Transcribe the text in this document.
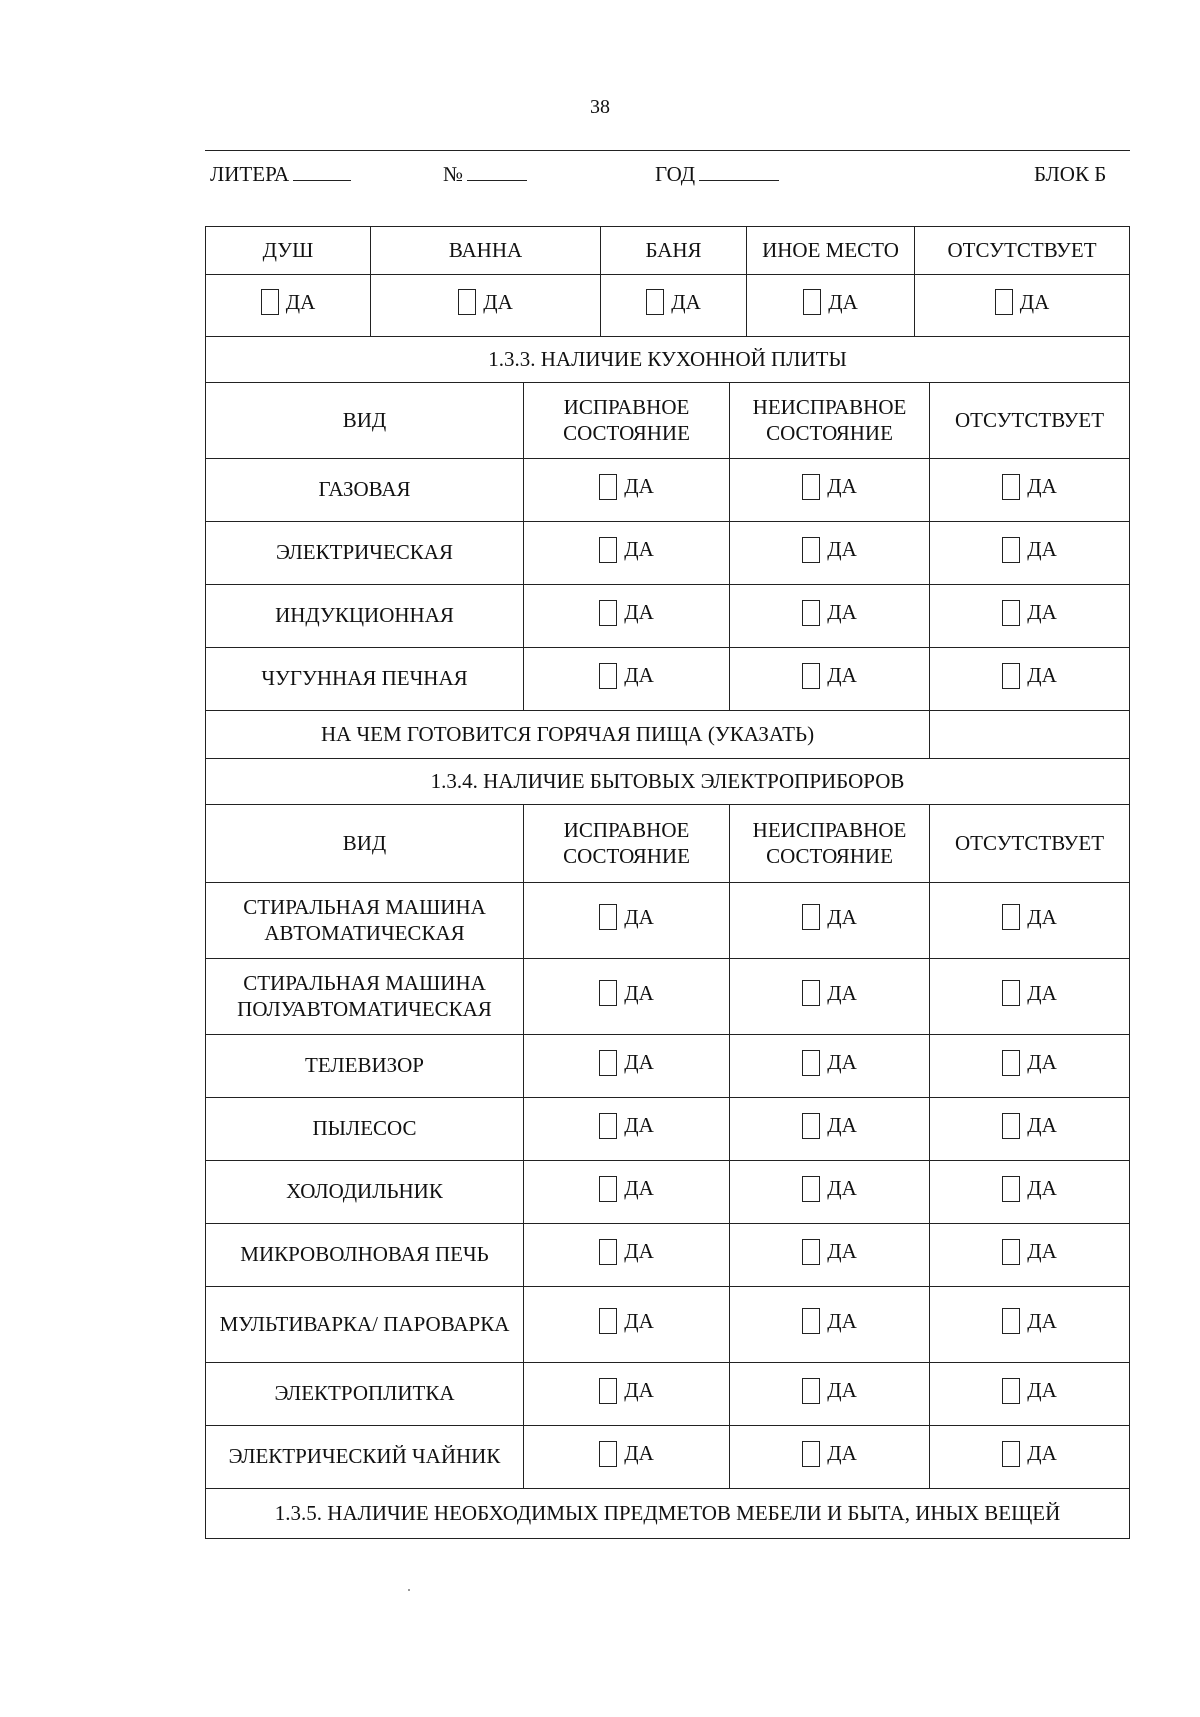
38
ЛИТЕРА	№	ГОД	БЛОК Б
ДУШ	ВАННА	БАНЯ	ИНОЕ МЕСТО	ОТСУТСТВУЕТ

ДА	ДА	ДА	ДА	ДА
1.3.3. НАЛИЧИЕ КУХОННОЙ ПЛИТЫ			
ВИД	ИСПРАВНОЕ СОСТОЯНИЕ	НЕИСПРАВНОЕ СОСТОЯНИЕ	ОТСУТСТВУЕТ
ГАЗОВАЯ	ДА	ДА	ДА

ЭЛЕКТРИЧЕСКАЯ	ДА	ДА	ДА

ИНДУКЦИОННАЯ	ДА	ДА	ДА

ЧУГУННАЯ ПЕЧНАЯ	ДА	ДА	ДА

НА ЧЕМ ГОТОВИТСЯ ГОРЯЧАЯ ПИЩА (УКАЗАТЬ)			
1.3.4. НАЛИЧИЕ БЫТОВЫХ ЭЛЕКТРОПРИБОРОВ			
ВИД	ИСПРАВНОЕ СОСТОЯНИЕ	НЕИСПРАВНОЕ СОСТОЯНИЕ	ОТСУТСТВУЕТ
СТИРАЛЬНАЯ МАШИНА АВТОМАТИЧЕСКАЯ	ДА	ДА	ДА

СТИРАЛЬНАЯ МАШИНА ПОЛУАВТОМАТИЧЕСКАЯ	ДА	ДА	ДА

ТЕЛЕВИЗОР	ДА	ДА	ДА

ПЫЛЕСОС	ДА	ДА	ДА

ХОЛОДИЛЬНИК	ДА	ДА	ДА

МИКРОВОЛНОВАЯ ПЕЧЬ	ДА	ДА	ДА

МУЛЬТИВАРКА/ ПАРОВАРКА	ДА	ДА	ДА

ЭЛЕКТРОПЛИТКА	ДА	ДА	ДА

ЭЛЕКТРИЧЕСКИЙ ЧАЙНИК	ДА	ДА	ДА

1.3.5. НАЛИЧИЕ НЕОБХОДИМЫХ ПРЕДМЕТОВ МЕБЕЛИ И БЫТА, ИНЫХ ВЕЩЕЙ			
